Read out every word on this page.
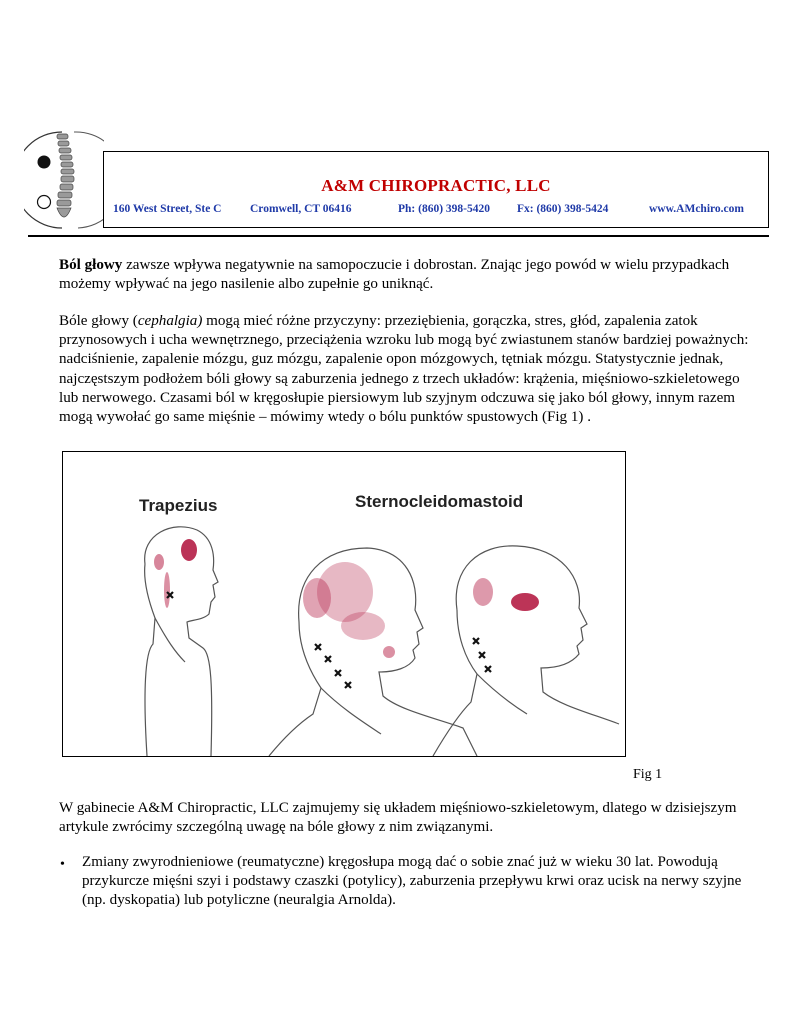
A&M CHIROPRACTIC, LLC
160 West Street, Ste C Cromwell, CT 06416	Ph: (860) 398-5420 Fx: (860) 398-5424	www.AMchiro.com
Ból głowy zawsze wpływa negatywnie na samopoczucie i dobrostan. Znając jego powód w wielu przypadkach możemy wpływać na jego nasilenie albo zupełnie go uniknąć.
Bóle głowy (cephalgia) mogą mieć różne przyczyny: przeziębienia, gorączka, stres, głód, zapalenia zatok przynosowych i ucha wewnętrznego, przeciążenia wzroku lub mogą być zwiastunem stanów bardziej poważnych: nadciśnienie, zapalenie mózgu, guz mózgu, zapalenie opon mózgowych, tętniak mózgu. Statystycznie jednak, najczęstszym podłożem bóli głowy są zaburzenia jednego z trzech układów: krążenia, mięśniowo-szkieletowego lub nerwowego. Czasami ból w kręgosłupie piersiowym lub szyjnym odczuwa się jako ból głowy, innym razem mogą wywołać go same mięśnie – mówimy wtedy o bólu punktów spustowych (Fig 1) .
Trapezius	Sternocleidomastoid
Fig 1
W gabinecie A&M Chiropractic, LLC zajmujemy się układem mięśniowo-szkieletowym, dlatego w dzisiejszym artykule zwrócimy szczególną uwagę na bóle głowy z nim związanymi.
• Zmiany zwyrodnieniowe (reumatyczne) kręgosłupa mogą dać o sobie znać już w wieku 30 lat. Powodują przykurcze mięśni szyi i podstawy czaszki (potylicy), zaburzenia przepływu krwi oraz ucisk na nerwy szyjne (np. dyskopatia) lub potyliczne (neuralgia Arnolda).
